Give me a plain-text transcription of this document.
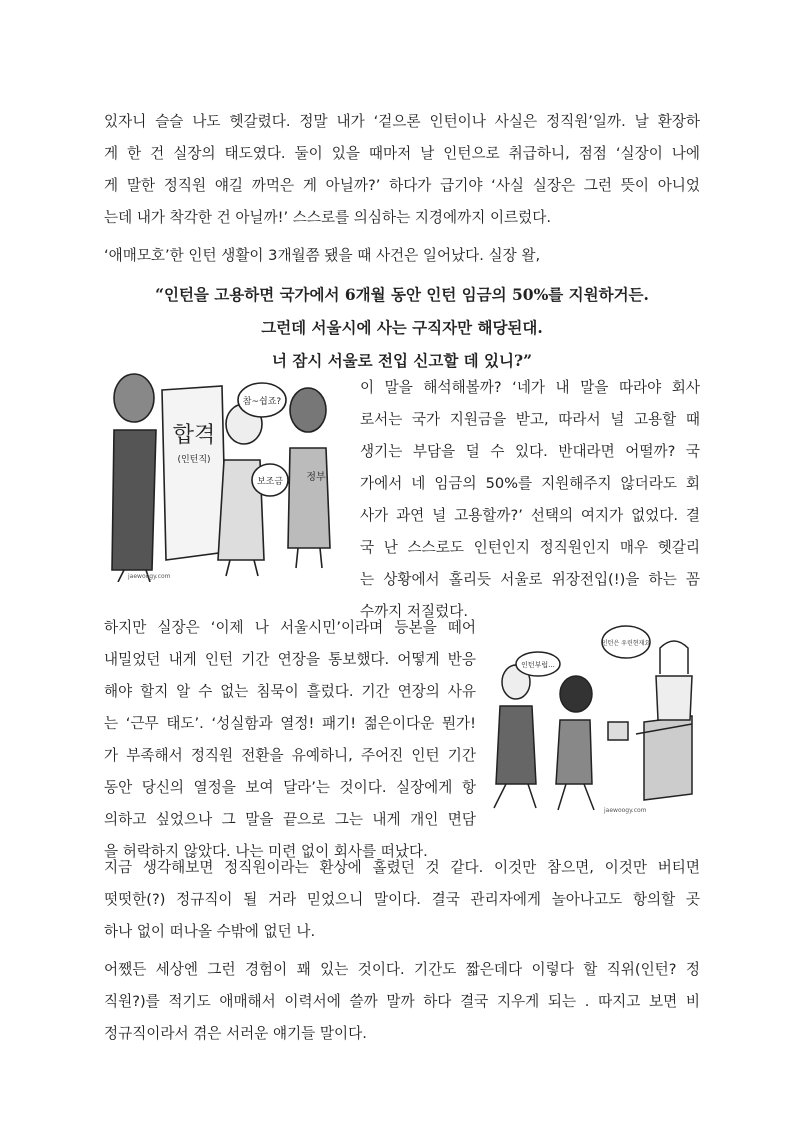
있자니 슬슬 나도 헷갈렸다. 정말 내가 ‘겉으론 인턴이나 사실은 정직원’일까. 날 환장하
게 한 건 실장의 태도였다. 둘이 있을 때마저 날 인턴으로 취급하니, 점점 ‘실장이 나에
게 말한 정직원 얘길 까먹은 게 아닐까?’ 하다가 급기야 ‘사실 실장은 그런 뜻이 아니었
는데 내가 착각한 건 아닐까!’ 스스로를 의심하는 지경에까지 이르렀다.
‘애매모호’한 인턴 생활이 3개월쯤 됐을 때 사건은 일어났다. 실장 왈,
“인턴을 고용하면 국가에서 6개월 동안 인턴 임금의 50%를 지원하거든.
그런데 서울시에 사는 구직자만 해당된대.
너 잠시 서울로 전입 신고할 데 있니?”
합격
(인턴직)
참~쉽죠?
보조금 정부
jaewoogy.com
이 말을 해석해볼까? ‘네가 내 말을 따라야 회사
로서는 국가 지원금을 받고, 따라서 널 고용할 때
생기는 부담을 덜 수 있다. 반대라면 어떨까? 국
가에서 네 임금의 50%를 지원해주지 않더라도 회
사가 과연 널 고용할까?’ 선택의 여지가 없었다. 결
국 난 스스로도 인턴인지 정직원인지 매우 헷갈리
는 상황에서 홀리듯 서울로 위장전입(!)을 하는 꼼
수까지 저질렀다.
하지만 실장은 ‘이제 나 서울시민’이라며 등본을 떼어
내밀었던 내게 인턴 기간 연장을 통보했다. 어떻게 반응
해야 할지 알 수 없는 침묵이 흘렀다. 기간 연장의 사유
는 ‘근무 태도’. ‘성실함과 열정! 패기! 젊은이다운 뭔가!
가 부족해서 정직원 전환을 유예하니, 주어진 인턴 기간
동안 당신의 열정을 보여 달라’는 것이다. 실장에게 항
의하고 싶었으나 그 말을 끝으로 그는 내게 개인 면담
을 허락하지 않았다. 나는 미련 없이 회사를 떠났다.
인턴부럽...
인턴은 우린현재요
jaewoogy.com
지금 생각해보면 정직원이라는 환상에 홀렸던 것 같다. 이것만 참으면, 이것만 버티면
떳떳한(?) 정규직이 될 거라 믿었으니 말이다. 결국 관리자에게 놀아나고도 항의할 곳
하나 없이 떠나올 수밖에 없던 나.
어쨌든 세상엔 그런 경험이 꽤 있는 것이다. 기간도 짧은데다 이렇다 할 직위(인턴? 정
직원?)를 적기도 애매해서 이력서에 쓸까 말까 하다 결국 지우게 되는 . 따지고 보면 비
정규직이라서 겪은 서러운 얘기들 말이다.
